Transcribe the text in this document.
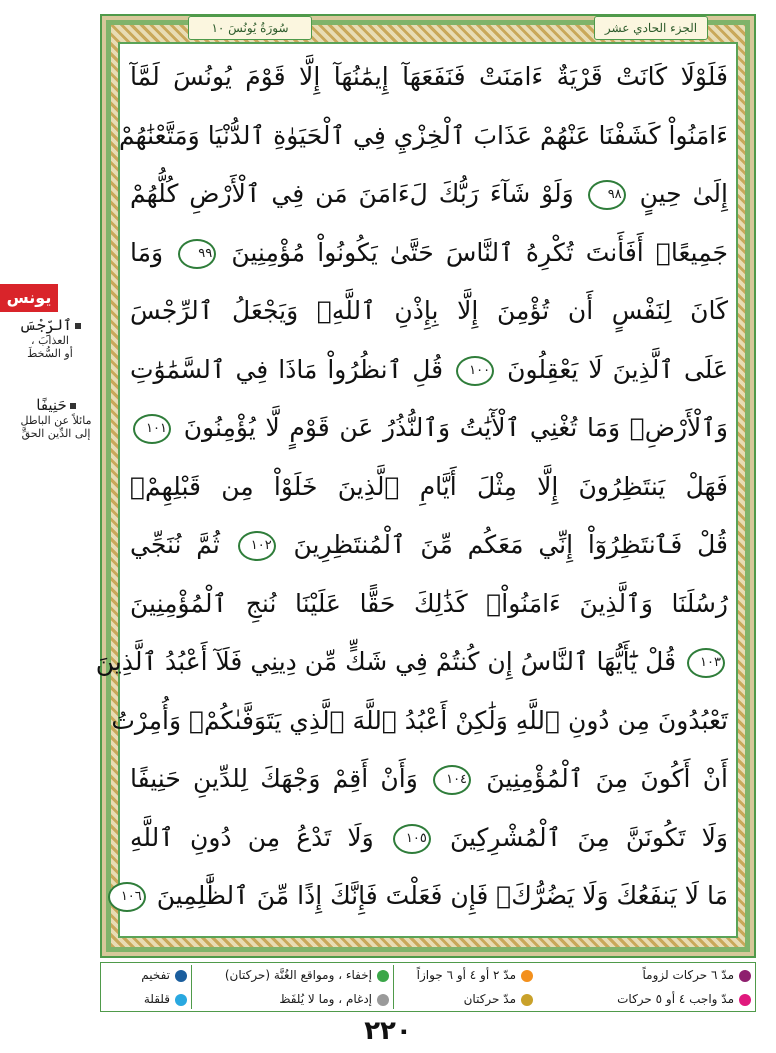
سُورَةُ يُونُسَ ١٠	الجزء الحادي عشر
فَلَوْلَا كَانَتْ قَرْيَةٌ ءَامَنَتْ فَنَفَعَهَآ إِيمَٰنُهَآ إِلَّا قَوْمَ يُونُسَ لَمَّآ
ءَامَنُواْ كَشَفْنَا عَنْهُمْ عَذَابَ ٱلْخِزْيِ فِي ٱلْحَيَوٰةِ ٱلدُّنْيَا وَمَتَّعْنَٰهُمْ
إِلَىٰ حِينٍ ٩٨ وَلَوْ شَآءَ رَبُّكَ لَءَامَنَ مَن فِي ٱلْأَرْضِ كُلُّهُمْ
جَمِيعًاۚ أَفَأَنتَ تُكْرِهُ ٱلنَّاسَ حَتَّىٰ يَكُونُواْ مُؤْمِنِينَ ٩٩ وَمَا
كَانَ لِنَفْسٍ أَن تُؤْمِنَ إِلَّا بِإِذْنِ ٱللَّهِۚ وَيَجْعَلُ ٱلرِّجْسَ
عَلَى ٱلَّذِينَ لَا يَعْقِلُونَ ١٠٠ قُلِ ٱنظُرُواْ مَاذَا فِي ٱلسَّمَٰوَٰتِ
وَٱلْأَرْضِۚ وَمَا تُغْنِي ٱلْأٓيَٰتُ وَٱلنُّذُرُ عَن قَوْمٍ لَّا يُؤْمِنُونَ ١٠١
فَهَلْ يَنتَظِرُونَ إِلَّا مِثْلَ أَيَّامِ ٱلَّذِينَ خَلَوْاْ مِن قَبْلِهِمْۚ
قُلْ فَٱنتَظِرُوٓاْ إِنِّي مَعَكُم مِّنَ ٱلْمُنتَظِرِينَ ١٠٢ ثُمَّ نُنَجِّي
رُسُلَنَا وَٱلَّذِينَ ءَامَنُواْۚ كَذَٰلِكَ حَقًّا عَلَيْنَا نُنجِ ٱلْمُؤْمِنِينَ
١٠٣ قُلْ يَٰٓأَيُّهَا ٱلنَّاسُ إِن كُنتُمْ فِي شَكٍّ مِّن دِينِي فَلَآ أَعْبُدُ ٱلَّذِينَ
تَعْبُدُونَ مِن دُونِ ٱللَّهِ وَلَٰكِنْ أَعْبُدُ ٱللَّهَ ٱلَّذِي يَتَوَفَّىٰكُمْۖ وَأُمِرْتُ
أَنْ أَكُونَ مِنَ ٱلْمُؤْمِنِينَ ١٠٤ وَأَنْ أَقِمْ وَجْهَكَ لِلدِّينِ حَنِيفًا
وَلَا تَكُونَنَّ مِنَ ٱلْمُشْرِكِينَ ١٠٥ وَلَا تَدْعُ مِن دُونِ ٱللَّهِ
مَا لَا يَنفَعُكَ وَلَا يَضُرُّكَۖ فَإِن فَعَلْتَ فَإِنَّكَ إِذًا مِّنَ ٱلظَّٰلِمِينَ ١٠٦
يونس
ٱلرِّجْسَ
العذابَ ،
أو السُّخطَ
حَنِيفًا
مائلاً عن الباطلِ
إلى الدِّين الحقِّ
مدّ ٦ حركات لزوماً
مدّ واجب ٤ أو ٥ حركات
مدّ ٢ أو ٤ أو ٦ جوازاً
مدّ حركتان
إخفاء ، ومواقع الغُنَّة (حركتان)
إدغام ، وما لا يُلفَظ
تفخيم
قلقلة
٢٢٠
